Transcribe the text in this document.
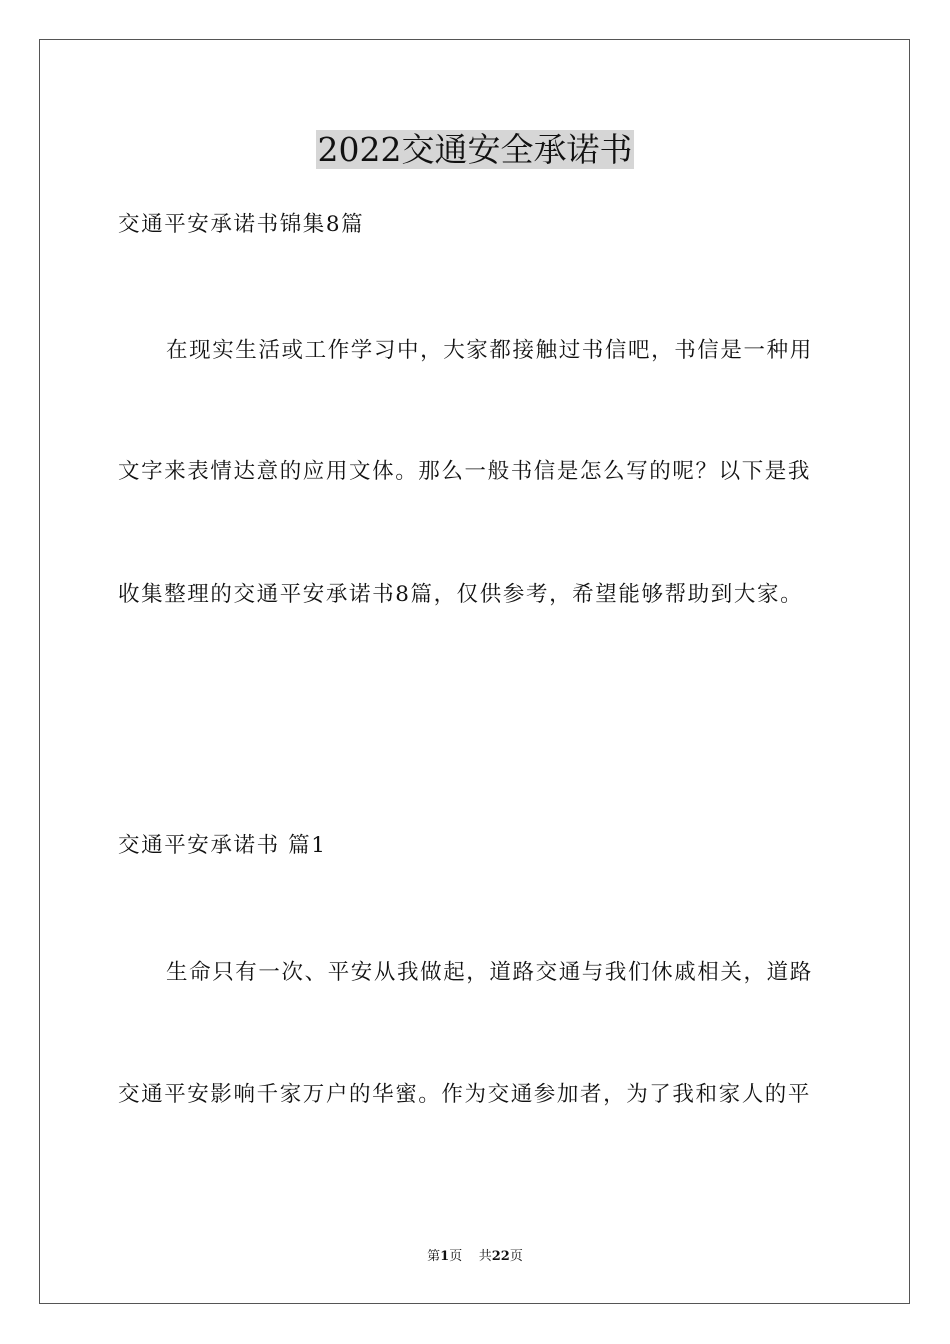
2022交通安全承诺书
交通平安承诺书锦集8篇
在现实生活或工作学习中，大家都接触过书信吧，书信是一种用
文字来表情达意的应用文体。那么一般书信是怎么写的呢？以下是我
收集整理的交通平安承诺书8篇，仅供参考，希望能够帮助到大家。
交通平安承诺书 篇1
生命只有一次、平安从我做起，道路交通与我们休戚相关，道路
交通平安影响千家万户的华蜜。作为交通参加者，为了我和家人的平
第1页 共22页
